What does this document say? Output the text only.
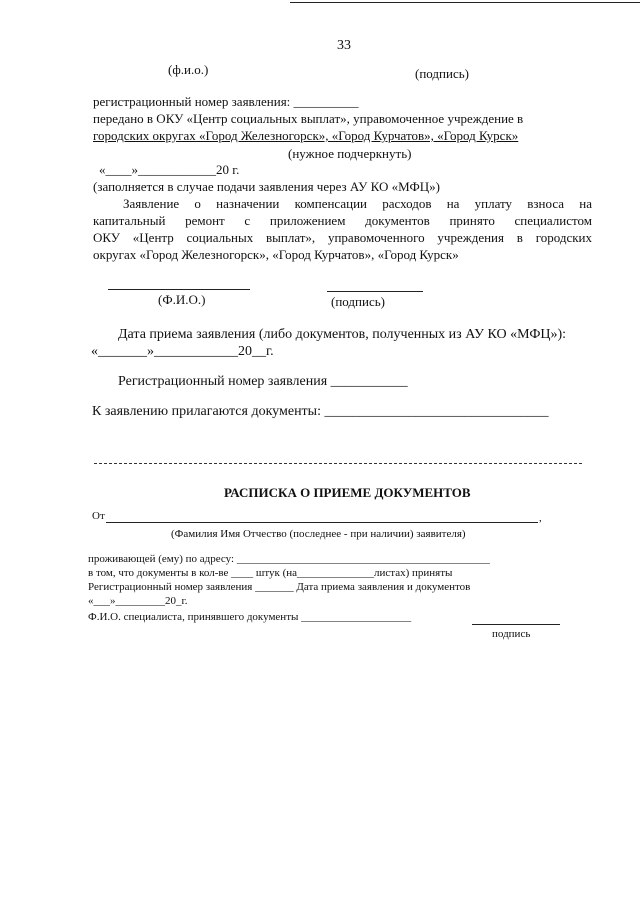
33
(ф.и.о.)	(подпись)
регистрационный номер заявления: __________
передано в ОКУ «Центр социальных выплат», управомоченное учреждение в
городских округах «Город Железногорск», «Город Курчатов», «Город Курск»
(нужное подчеркнуть)
«____»____________20 г.
(заполняется в случае подачи заявления через АУ КО «МФЦ»)
Заявление о назначении компенсации расходов на уплату взноса на
капитальный ремонт с приложением документов принято специалистом
ОКУ «Центр социальных выплат», управомоченного учреждения в городских
округах «Город Железногорск», «Город Курчатов», «Город Курск»
(Ф.И.О.)	(подпись)
Дата приема заявления (либо документов, полученных из АУ КО «МФЦ»):
«_______»____________20__г.
Регистрационный номер заявления ___________
К заявлению прилагаются документы: ________________________________
РАСПИСКА О ПРИЕМЕ ДОКУМЕНТОВ
От	,
(Фамилия Имя Отчество (последнее - при наличии) заявителя)
проживающей (ему) по адресу: ______________________________________________
в том, что документы в кол-ве ____ штук (на______________листах) приняты
Регистрационный номер заявления _______ Дата приема заявления и документов
«___»_________20_г.
Ф.И.О. специалиста, принявшего документы ____________________
подпись
